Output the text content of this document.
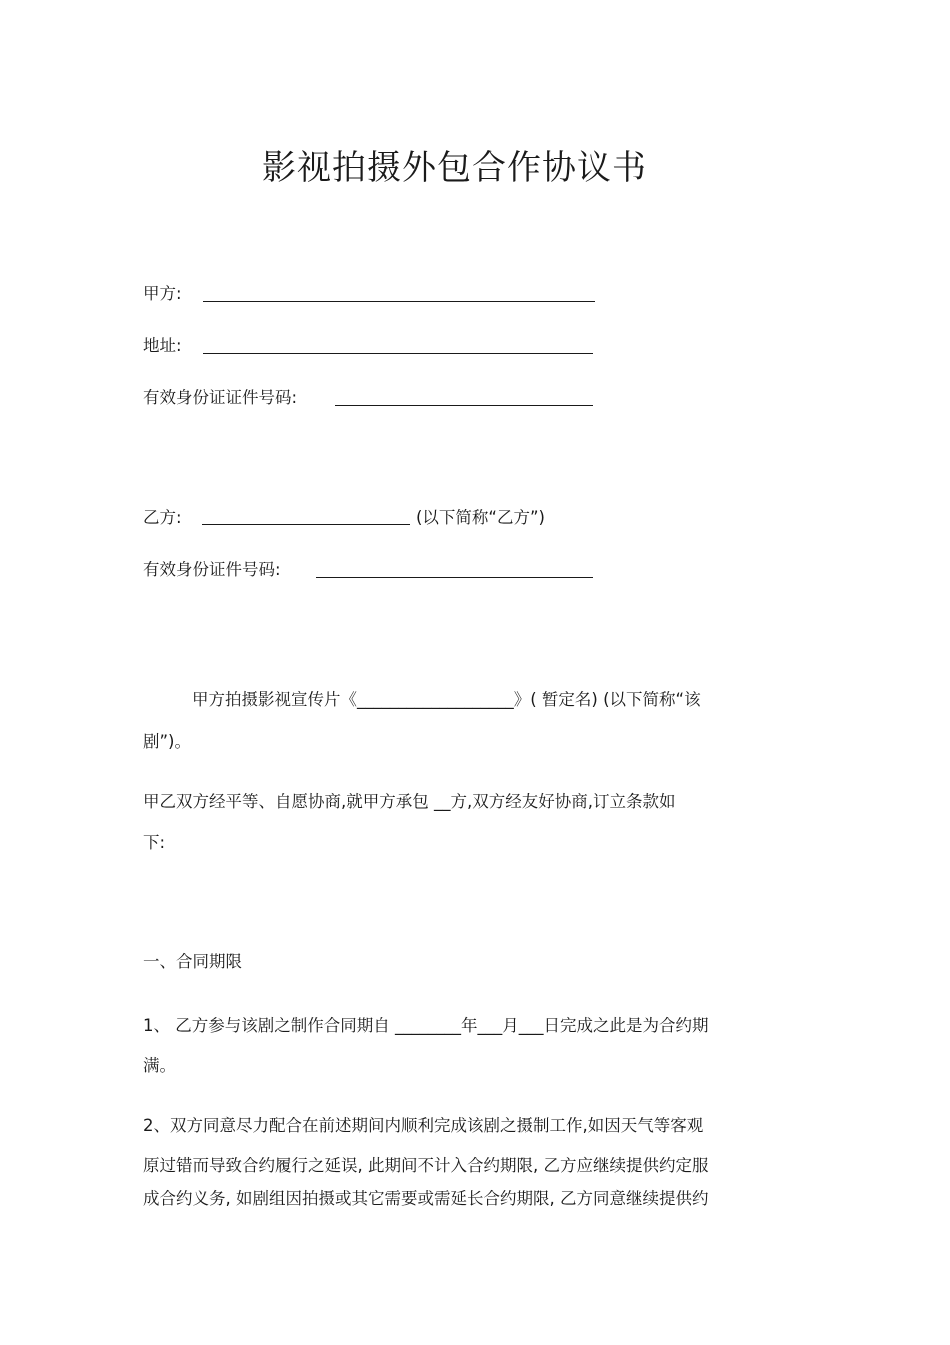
影视拍摄外包合作协议书
甲方:
地址:
有效身份证证件号码:
乙方:	(以下简称“乙方”)
有效身份证件号码:
甲方拍摄影视宣传片《___________________》( 暂定名) (以下简称“该
剧”)。
甲乙双方经平等、自愿协商,就甲方承包 __方,双方经友好协商,订立条款如
下:
一、合同期限
1、 乙方参与该剧之制作合同期自 ________年___月___日完成之此是为合约期
满。
2、双方同意尽力配合在前述期间内顺利完成该剧之摄制工作,如因天气等客观
原过错而导致合约履行之延误, 此期间不计入合约期限, 乙方应继续提供约定服
成合约义务, 如剧组因拍摄或其它需要或需延长合约期限, 乙方同意继续提供约
